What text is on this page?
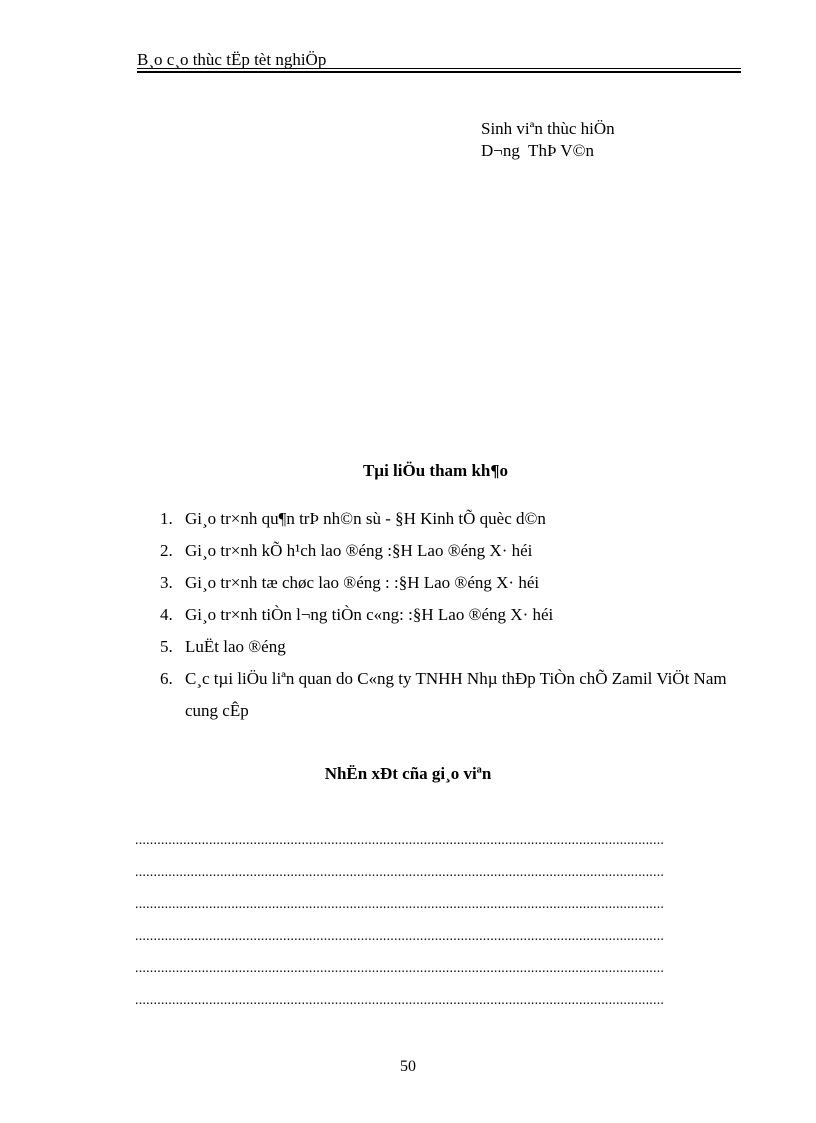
B¸o c¸o thùc tËp tèt nghiÖp
Sinh viªn thùc hiÖn
D¬ng  ThÞ V©n
Tµi liÖu tham kh¶o
1. Gi¸o tr×nh qu¶n trÞ nh©n sù - §H Kinh tÕ quèc d©n
2. Gi¸o tr×nh kÕ h¹ch lao ®éng :§H Lao ®éng X· héi
3. Gi¸o tr×nh tæ chøc lao ®éng : :§H Lao ®éng X· héi
4. Gi¸o tr×nh tiÒn l¬ng tiÒn c«ng: :§H Lao ®éng X· héi
5. LuËt lao ®éng
6. C¸c tµi liÖu liªn quan do C«ng ty TNHH Nhµ thÐp TiÒn chÕ Zamil ViÖt Nam cung cÊp
NhËn xÐt cña gi¸o viªn
...............................................................................................................................................
...............................................................................................................................................
...............................................................................................................................................
...............................................................................................................................................
...............................................................................................................................................
...............................................................................................................................................
50
